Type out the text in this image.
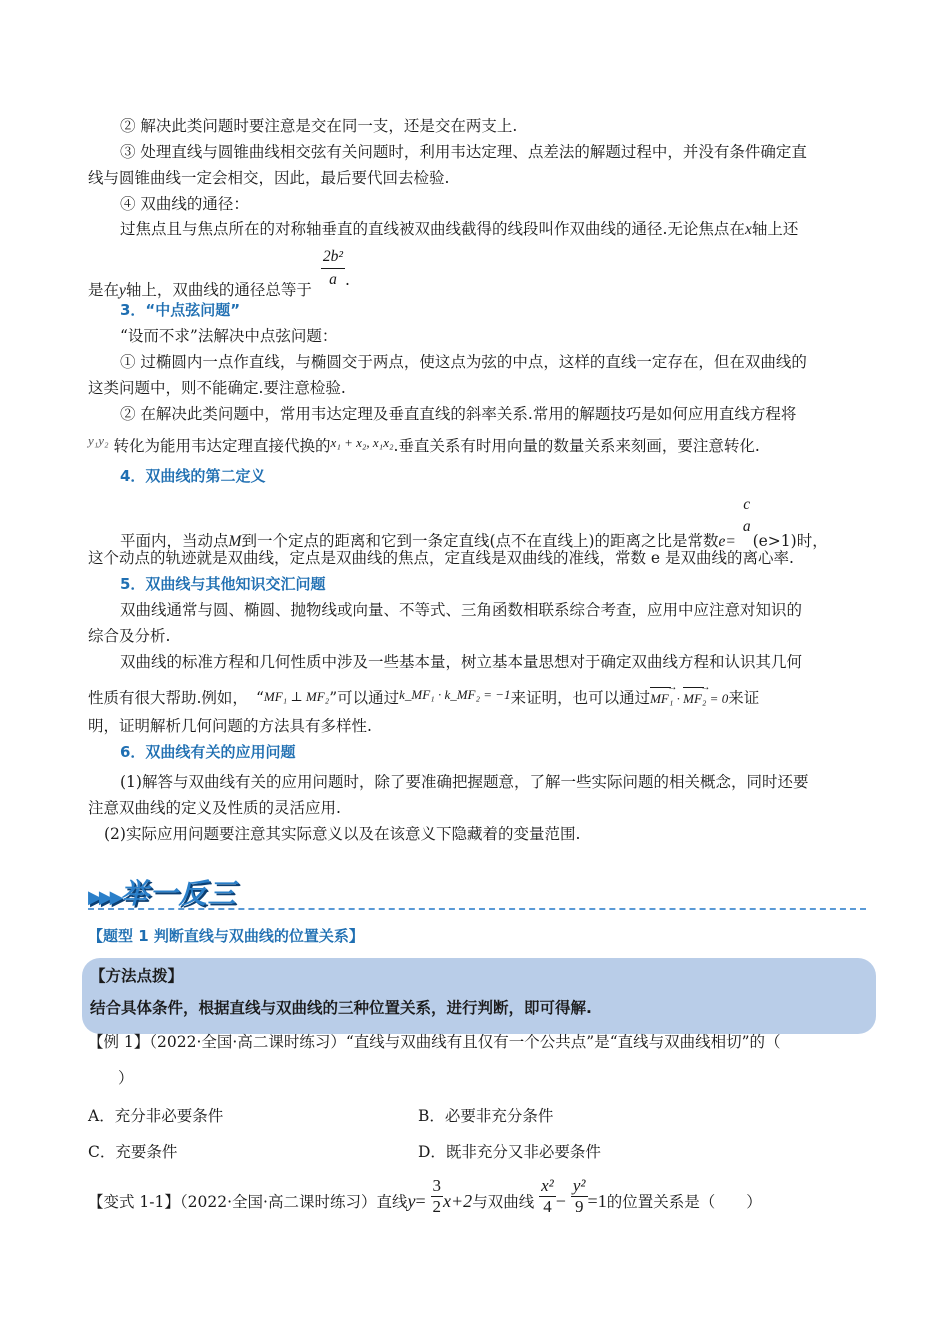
② 解决此类问题时要注意是交在同一支，还是交在两支上.
③ 处理直线与圆锥曲线相交弦有关问题时，利用韦达定理、点差法的解题过程中，并没有条件确定直
线与圆锥曲线一定会相交，因此，最后要代回去检验.
④ 双曲线的通径：
过焦点且与焦点所在的对称轴垂直的直线被双曲线截得的线段叫作双曲线的通径.无论焦点在x轴上还
是在y轴上，双曲线的通径总等于 $\frac{\text{2b²}}{a}$ .
3．“中点弦问题”
“设而不求”法解决中点弦问题：
① 过椭圆内一点作直线，与椭圆交于两点，使这点为弦的中点，这样的直线一定存在，但在双曲线的
这类问题中，则不能确定.要注意检验.
② 在解决此类问题中，常用韦达定理及垂直直线的斜率关系.常用的解题技巧是如何应用直线方程将
$^{y_1y_2}$ 转化为能用韦达定理直接代换的$^{x_1 + x_2, x_1x_2}$.垂直关系有时用向量的数量关系来刻画，要注意转化.
4．双曲线的第二定义
平面内，当动点M到一个定点的距离和它到一条定直线(点不在直线上)的距离之比是常数e=
c
a
(e>1)时，
这个动点的轨迹就是双曲线，定点是双曲线的焦点，定直线是双曲线的准线，常数 e 是双曲线的离心率.
5．双曲线与其他知识交汇问题
双曲线通常与圆、椭圆、抛物线或向量、不等式、三角函数相联系综合考查，应用中应注意对知识的
综合及分析.
双曲线的标准方程和几何性质中涉及一些基本量，树立基本量思想对于确定双曲线方程和认识其几何
性质有很大帮助.例如， “MF₁ ⊥ MF₂”可以通过$^{k\_MF_1 \cdot k\_MF_2 = -1}$来证明，也可以通过MF₁ → · MF₂ → = 0来证
明，证明解析几何问题的方法具有多样性.
6．双曲线有关的应用问题
(1)解答与双曲线有关的应用问题时，除了要准确把握题意，了解一些实际问题的相关概念，同时还要
注意双曲线的定义及性质的灵活应用.
(2)实际应用问题要注意其实际意义以及在该意义下隐藏着的变量范围.
▶▶▶举一反三
【题型 1 判断直线与双曲线的位置关系】
【方法点拨】
结合具体条件，根据直线与双曲线的三种位置关系，进行判断，即可得解.
【例 1】（2022·全国·高二课时练习）“直线与双曲线有且仅有一个公共点”是“直线与双曲线相切”的（
）
A．充分非必要条件	B．必要非充分条件
C．充要条件	D．既非充分又非必要条件
【变式 1-1】（2022·全国·高二课时练习）直线$y= \frac{3}{2} x+2$与双曲线 $\frac{\text{x²}}{4} - \frac{\text{y²}}{9} =1$的位置关系是（　　）
